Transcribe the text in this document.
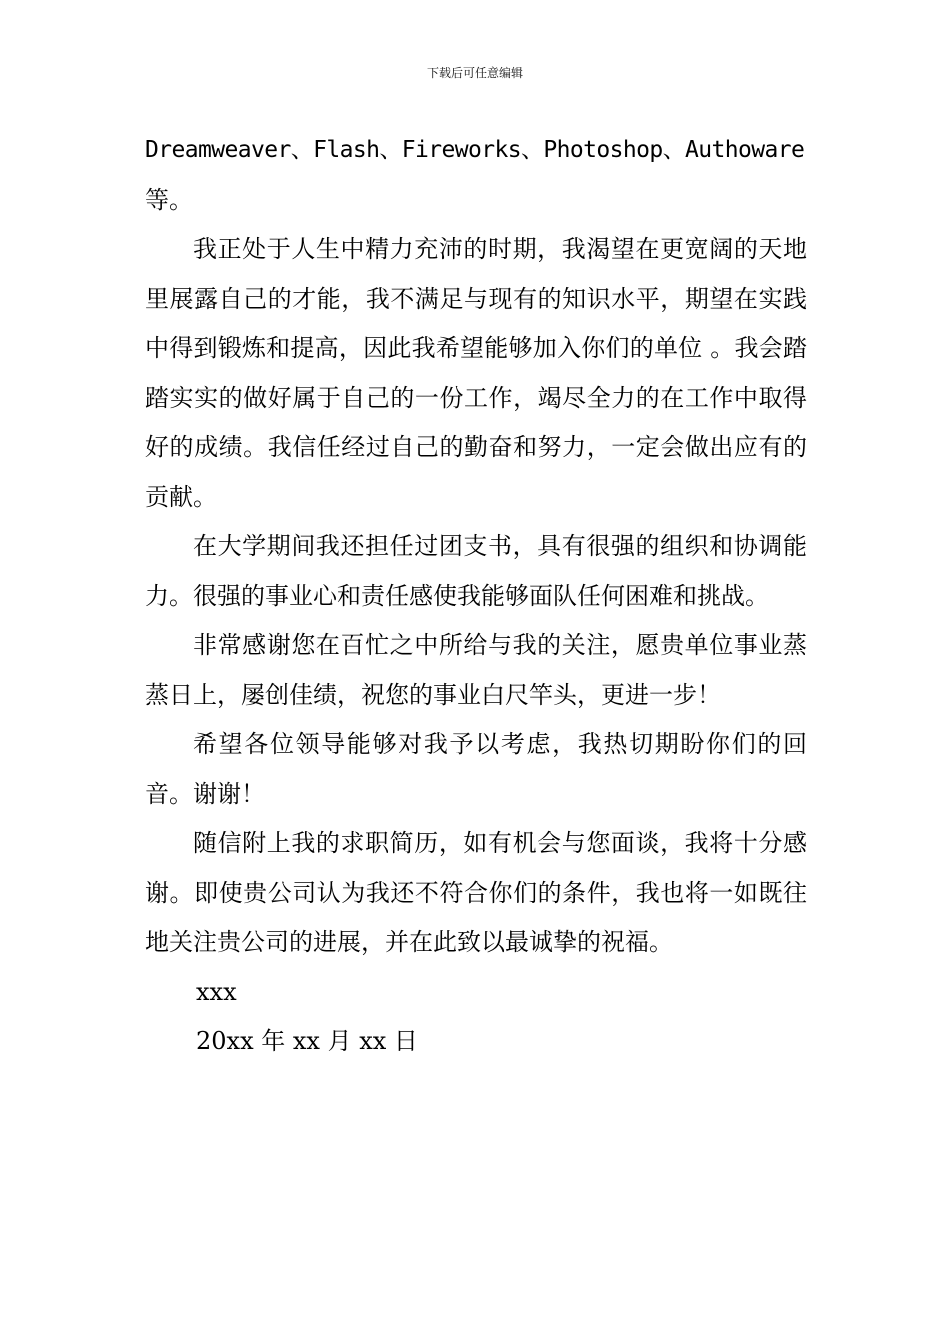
下载后可任意编辑
Dreamweaver、Flash、Fireworks、Photoshop、Authoware

等。

我正处于人生中精力充沛的时期，我渴望在更宽阔的天地里展露自己的才能，我不满足与现有的知识水平，期望在实践中得到锻炼和提高，因此我希望能够加入你们的单位 。我会踏踏实实的做好属于自己的一份工作，竭尽全力的在工作中取得好的成绩。我信任经过自己的勤奋和努力，一定会做出应有的贡献。

在大学期间我还担任过团支书，具有很强的组织和协调能力。很强的事业心和责任感使我能够面队任何困难和挑战。

非常感谢您在百忙之中所给与我的关注，愿贵单位事业蒸蒸日上，屡创佳绩，祝您的事业白尺竿头，更进一步！

希望各位领导能够对我予以考虑，我热切期盼你们的回音。谢谢！

随信附上我的求职简历，如有机会与您面谈，我将十分感谢。即使贵公司认为我还不符合你们的条件，我也将一如既往地关注贵公司的进展，并在此致以最诚挚的祝福。

xxx

20xx 年 xx 月 xx 日
